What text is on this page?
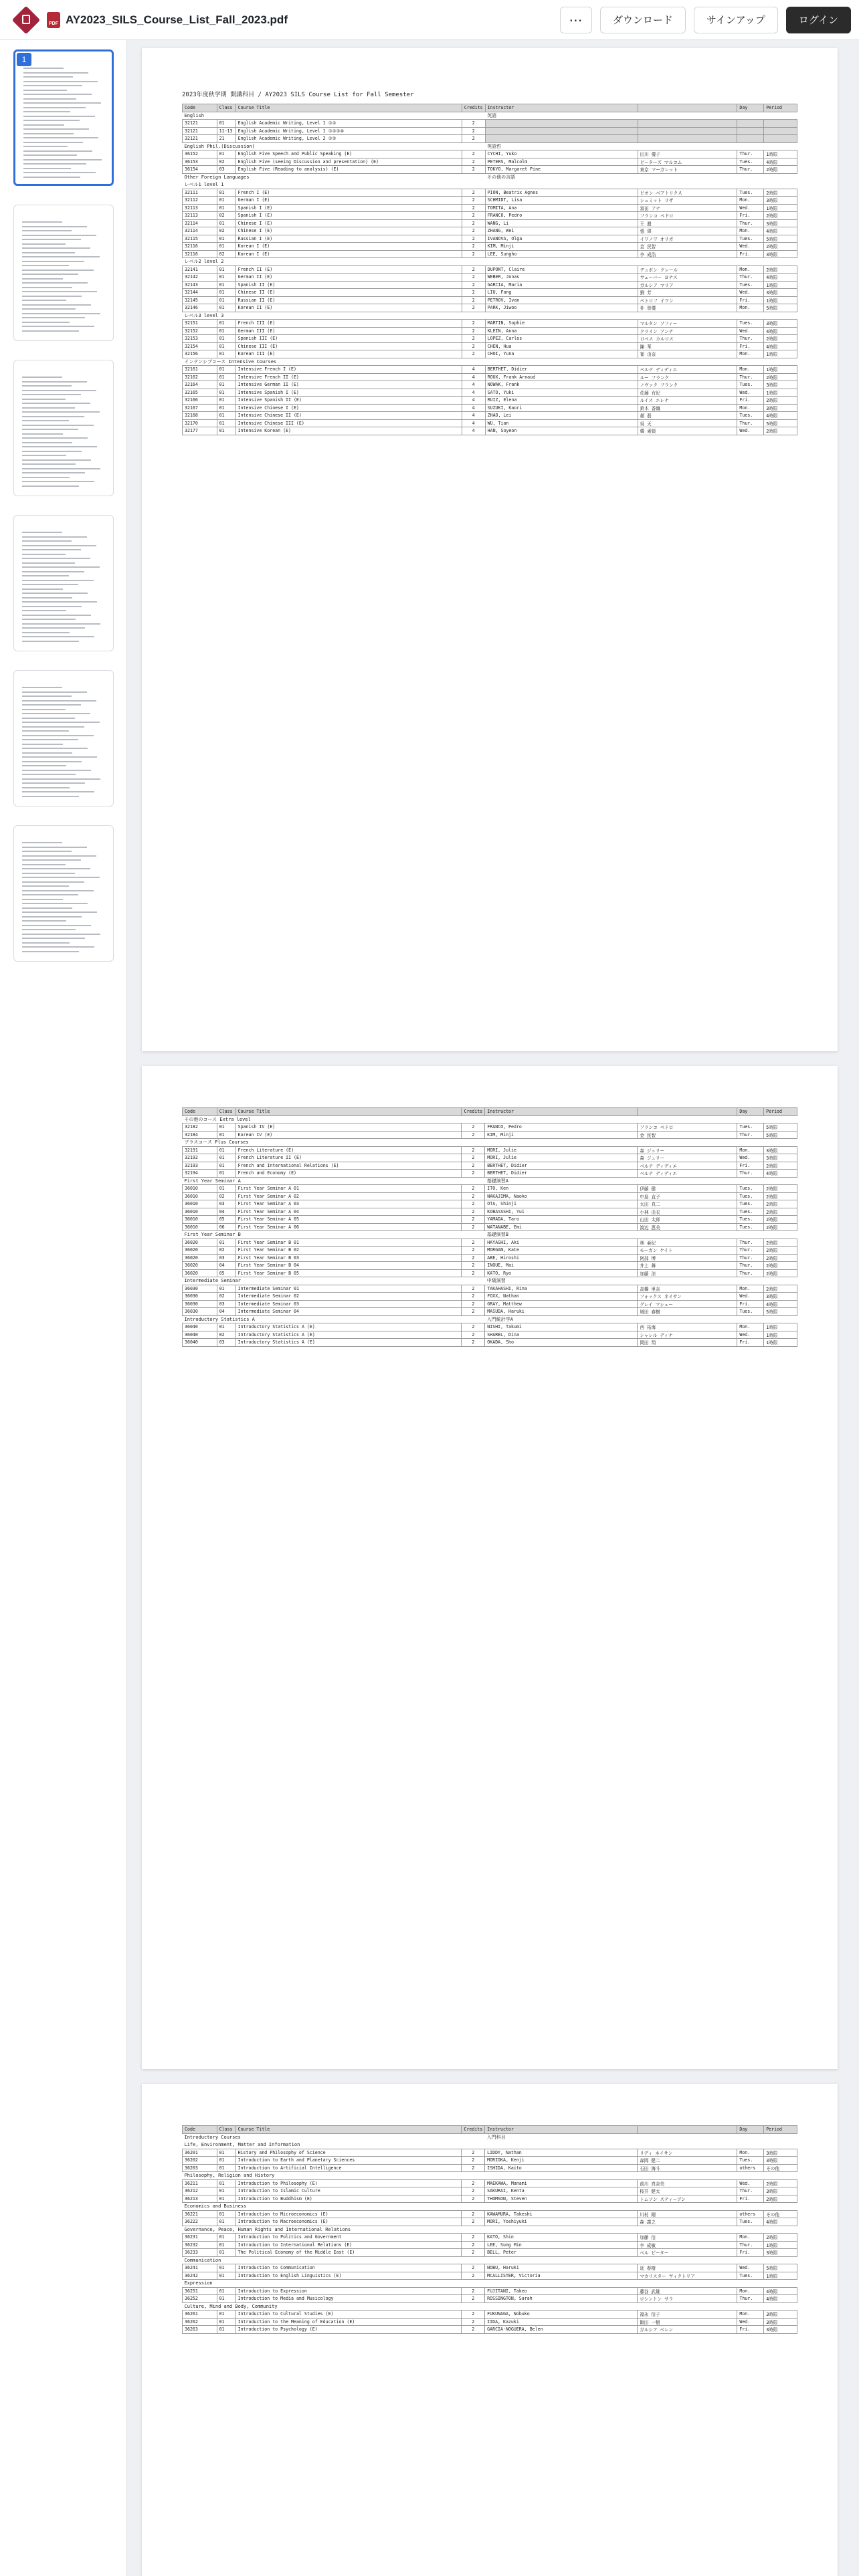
PDF AY2023_SILS_Course_List_Fall_2023.pdf	⋯	ダウンロード	サインアップ	ログイン
1
2023年度秋学期 開講科目 / AY2023 SILS Course List for Fall Semester
Code	Class	Course Title	Credits	Instructor		Day	Period
English				英語			
32121	01	English Academic Writing, Level 1 ①②	2				
32121	11-13	English Academic Writing, Level 1 ①②③④	2				
32121	21	English Academic Writing, Level 2 ①②	2				
English Phil.(Discussion)				英語哲			
36152	01	English Five Speech and Public Speaking (E)	2	CYCHI, Yuko	田川 優子	Thur.	1時限
36153	02	English Five (seeing Discussion and presentation) (E)	2	PETERS, Malcolm	ピーターズ マルコム	Tues.	4時限
36154	03	English Five (Reading to analysis) (E)	2	TOKYO, Margaret Pine	東京 マーガレット	Thur.	2時限
Other Foreign Languages				その他の言語			
レベル1 level 1							
32111	01	French I (E)	2	PION, Beatrix Agnes	ピオン ベアトリクス	Tues.	2時限
32112	01	German I (E)	2	SCHMIDT, Lisa	シュミット リザ	Mon.	3時限
32113	01	Spanish I (E)	2	TOMITA, Ana	富田 アナ	Wed.	1時限
32113	02	Spanish I (E)	2	FRANCO, Pedro	フランコ ペドロ	Fri.	2時限
32114	01	Chinese I (E)	2	WANG, Li	王 麗	Thur.	3時限
32114	02	Chinese I (E)	2	ZHANG, Wei	張 偉	Mon.	4時限
32115	01	Russian I (E)	2	IVANOVA, Olga	イワノワ オリガ	Tues.	5時限
32116	01	Korean I (E)	2	KIM, Minji	金 民智	Wed.	2時限
32116	02	Korean I (E)	2	LEE, Sungho	李 成浩	Fri.	3時限
レベル2 level 2							
32141	01	French II (E)	2	DUPONT, Claire	デュポン クレール	Mon.	2時限
32142	01	German II (E)	2	WEBER, Jonas	ヴェーバー ヨナス	Thur.	4時限
32143	01	Spanish II (E)	2	GARCIA, Maria	ガルシア マリア	Tues.	1時限
32144	01	Chinese II (E)	2	LIU, Fang	劉 芳	Wed.	3時限
32145	01	Russian II (E)	2	PETROV, Ivan	ペトロフ イワン	Fri.	1時限
32146	01	Korean II (E)	2	PARK, Jiwoo	朴 智優	Mon.	5時限
レベル3 level 3							
32151	01	French III (E)	2	MARTIN, Sophie	マルタン ソフィー	Tues.	3時限
32152	01	German III (E)	2	KLEIN, Anna	クライン アンナ	Wed.	4時限
32153	01	Spanish III (E)	2	LOPEZ, Carlos	ロペス カルロス	Thur.	2時限
32154	01	Chinese III (E)	2	CHEN, Hua	陳 華	Fri.	4時限
32156	01	Korean III (E)	2	CHOI, Yuna	崔 由奈	Mon.	1時限
インテンシブコース Intensive Courses							
32161	01	Intensive French I (E)	4	BERTHET, Didier	ベルテ ディディエ	Mon.	1時限
32162	01	Intensive French II (E)	4	ROUX, Frank Arnaud	ルー フランク	Thur.	2時限
32164	01	Intensive German II (E)	4	NOWAK, Frank	ノヴァク フランク	Tues.	3時限
32165	01	Intensive Spanish I (E)	4	SATO, Yuki	佐藤 有紀	Wed.	1時限
32166	01	Intensive Spanish II (E)	4	RUIZ, Elena	ルイス エレナ	Fri.	2時限
32167	01	Intensive Chinese I (E)	4	SUZUKI, Kaori	鈴木 香織	Mon.	3時限
32168	01	Intensive Chinese II (E)	4	ZHAO, Lei	趙 磊	Tues.	4時限
32170	01	Intensive Chinese III (E)	4	WU, Tian	吳 天	Thur.	5時限
32177	01	Intensive Korean (E)	4	HAN, Soyeon	韓 素媛	Wed.	2時限
Code	Class	Course Title	Credits	Instructor		Day	Period
その他のコース Extra level							
32182	01	Spanish IV (E)	2	FRANCO, Pedro	フランコ ペドロ	Tues.	5時限
32184	01	Korean IV (E)	2	KIM, Minji	金 民智	Thur.	5時限
プラスコース Plus Courses							
32191	01	French Literature (E)	2	MORI, Julie	森 ジュリー	Mon.	3時限
32192	01	French Literature II (E)	2	MORI, Julie	森 ジュリー	Wed.	3時限
32193	01	French and International Relations (E)	2	BERTHET, Didier	ベルテ ディディエ	Fri.	2時限
32194	01	French and Economy (E)	2	BERTHET, Didier	ベルテ ディディエ	Thur.	4時限
First Year Seminar A				基礎演習A			
36010	01	First Year Seminar A 01	2	ITO, Ken	伊藤 健	Tues.	2時限
36010	02	First Year Seminar A 02	2	NAKAJIMA, Naoko	中島 直子	Tues.	2時限
36010	03	First Year Seminar A 03	2	OTA, Shinji	太田 真二	Tues.	2時限
36010	04	First Year Seminar A 04	2	KOBAYASHI, Yui	小林 由衣	Tues.	2時限
36010	05	First Year Seminar A 05	2	YAMADA, Taro	山田 太郎	Tues.	2時限
36010	06	First Year Seminar A 06	2	WATANABE, Emi	渡辺 恵美	Tues.	2時限
First Year Seminar B				基礎演習B			
36020	01	First Year Seminar B 01	2	HAYASHI, Aki	林 亜紀	Thur.	2時限
36020	02	First Year Seminar B 02	2	MORGAN, Kate	モーガン ケイト	Thur.	2時限
36020	03	First Year Seminar B 03	2	ABE, Hiroshi	阿部 博	Thur.	2時限
36020	04	First Year Seminar B 04	2	INOUE, Mai	井上 舞	Thur.	2時限
36020	05	First Year Seminar B 05	2	KATO, Ryo	加藤 涼	Thur.	2時限
Intermediate Seminar				中級演習			
36030	01	Intermediate Seminar 01	2	TAKAHASHI, Rina	高橋 里奈	Mon.	2時限
36030	02	Intermediate Seminar 02	2	FOXX, Nathan	フォックス ネイサン	Wed.	3時限
36030	03	Intermediate Seminar 03	2	GRAY, Matthew	グレイ マシュー	Fri.	4時限
36030	04	Intermediate Seminar 04	2	MASUDA, Haruki	増田 春樹	Tues.	5時限
Introductory Statistics A				入門統計学A			
36040	01	Introductory Statistics A (E)	2	NISHI, Takumi	西 拓海	Mon.	1時限
36040	02	Introductory Statistics A (E)	2	SHAREL, Dina	シャレル ディナ	Wed.	1時限
36040	03	Introductory Statistics A (E)	2	OKADA, Sho	岡田 翔	Fri.	1時限
Code	Class	Course Title	Credits	Instructor		Day	Period
Introductory Courses				入門科目			
Life, Environment, Matter and Information							
36201	01	History and Philosophy of Science	2	LIDDY, Nathan	リディ ネイサン	Mon.	3時限
36202	01	Introduction to Earth and Planetary Sciences	2	MORIOKA, Kenji	森岡 健二	Tues.	3時限
36203	01	Introduction to Artificial Intelligence	2	ISHIDA, Kaito	石田 海斗	others	その他
Philosophy, Religion and History							
36211	01	Introduction to Philosophy (E)	2	MAEKAWA, Manami	前川 真奈美	Wed.	2時限
36212	01	Introduction to Islamic Culture	2	SAKURAI, Kenta	桜井 健太	Thur.	3時限
36213	01	Introduction to Buddhism (E)	2	THOMSON, Steven	トムソン スティーブン	Fri.	2時限
Economics and Business							
36221	01	Introduction to Microeconomics (E)	2	KAWAMURA, Takeshi	川村 剛	others	その他
36222	01	Introduction to Macroeconomics (E)	2	MORI, Yoshiyuki	森 義之	Tues.	4時限
Governance, Peace, Human Rights and International Relations							
36231	01	Introduction to Politics and Government	2	KATO, Shin	加藤 信	Mon.	2時限
36232	01	Introduction to International Relations (E)	2	LEE, Sung Min	李 成敏	Thur.	1時限
36233	01	The Political Economy of the Middle East (E)	2	BELL, Peter	ベル ピーター	Fri.	3時限
Communication							
36241	01	Introduction to Communication	2	NOBU, Haruki	延 春樹	Wed.	5時限
36242	01	Introduction to English Linguistics (E)	2	MCALLISTER, Victoria	マカリスター ヴィクトリア	Tues.	1時限
Expression							
36251	01	Introduction to Expression	2	FUJITANI, Takeo	藤谷 武雄	Mon.	4時限
36252	01	Introduction to Media and Musicology	2	ROSSINGTON, Sarah	ロシントン サラ	Thur.	4時限
Culture, Mind and Body, Community							
36261	01	Introduction to Cultural Studies (E)	2	FUKUNAGA, Nobuko	福永 信子	Mon.	3時限
36262	01	Introduction to the Meaning of Education (E)	2	IIDA, Kazuki	飯田 一樹	Wed.	3時限
36263	01	Introduction to Psychology (E)	2	GARCIA-NOGUERA, Belen	ガルシア ベレン	Fri.	3時限
